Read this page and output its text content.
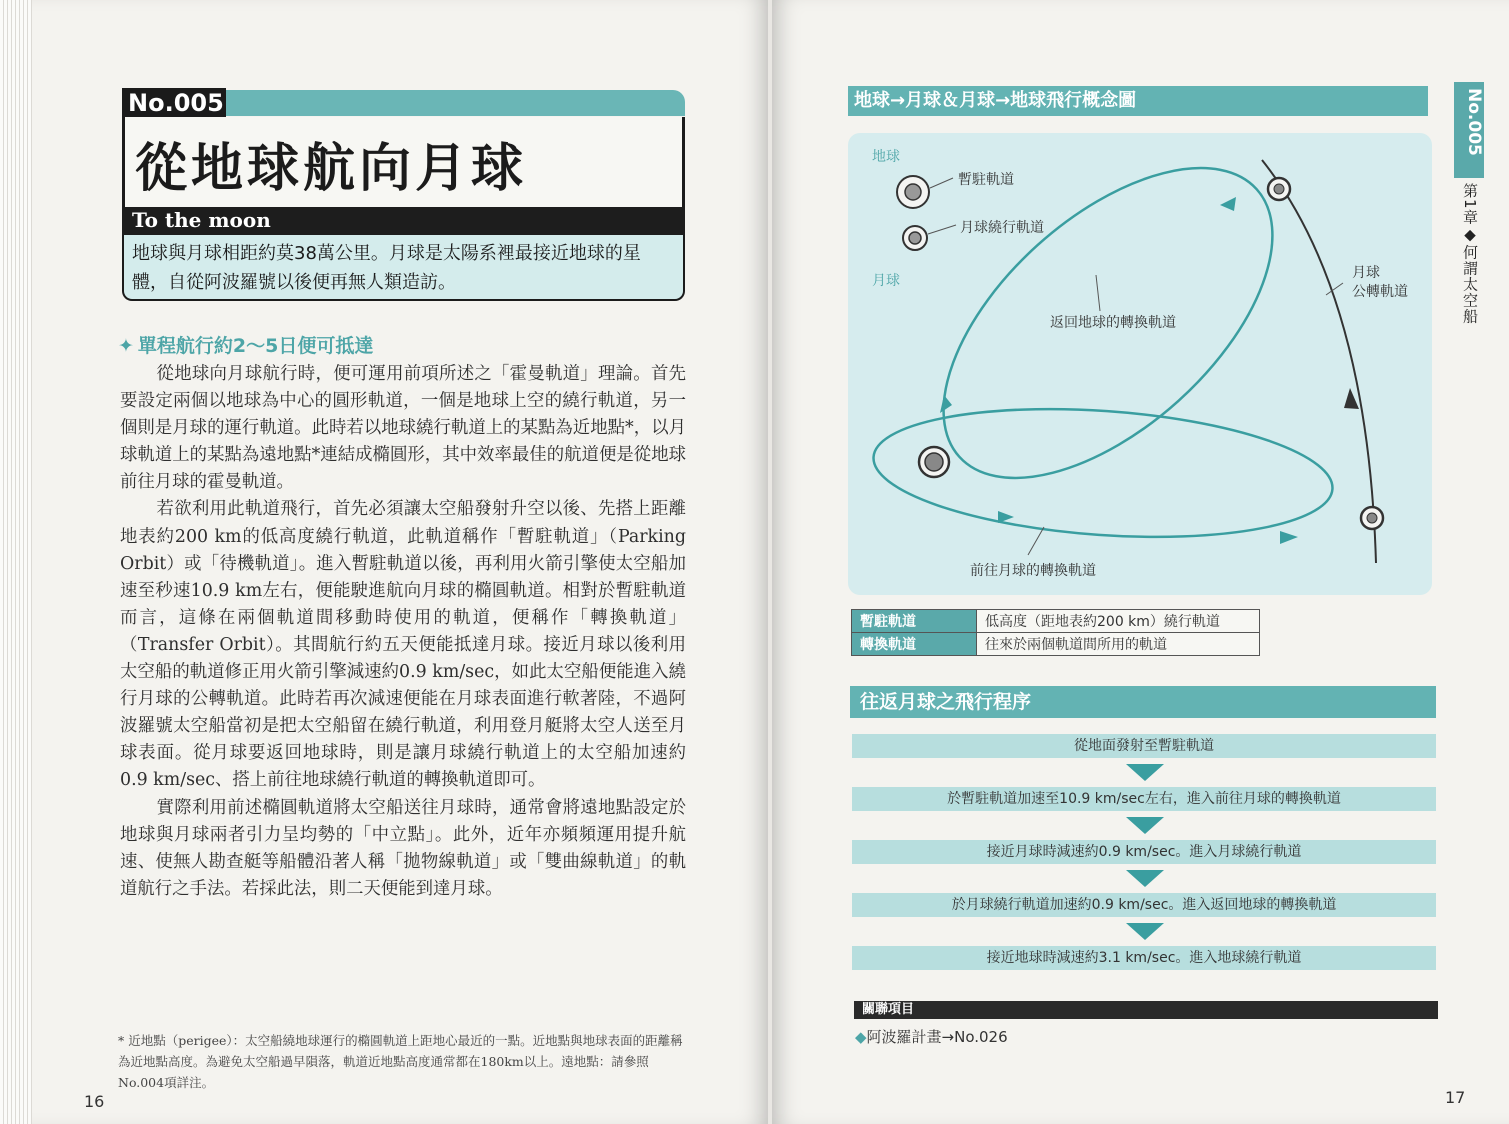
No.005
從地球航向月球
To the moon
地球與月球相距約莫38萬公里。月球是太陽系裡最接近地球的星體，自從阿波羅號以後便再無人類造訪。
✦ 單程航行約2～5日便可抵達

從地球向月球航行時，便可運用前項所述之「霍曼軌道」理論。首先要設定兩個以地球為中心的圓形軌道，一個是地球上空的繞行軌道，另一個則是月球的運行軌道。此時若以地球繞行軌道上的某點為近地點*，以月球軌道上的某點為遠地點*連結成橢圓形，其中效率最佳的航道便是從地球前往月球的霍曼軌道。

若欲利用此軌道飛行，首先必須讓太空船發射升空以後、先搭上距離地表約200 km的低高度繞行軌道，此軌道稱作「暫駐軌道」（Parking Orbit）或「待機軌道」。進入暫駐軌道以後，再利用火箭引擎使太空船加速至秒速10.9 km左右，便能駛進航向月球的橢圓軌道。相對於暫駐軌道而言，這條在兩個軌道間移動時使用的軌道，便稱作「轉換軌道」（Transfer Orbit）。其間航行約五天便能抵達月球。接近月球以後利用太空船的軌道修正用火箭引擎減速約0.9 km/sec，如此太空船便能進入繞行月球的公轉軌道。此時若再次減速便能在月球表面進行軟著陸，不過阿波羅號太空船當初是把太空船留在繞行軌道，利用登月艇將太空人送至月球表面。從月球要返回地球時，則是讓月球繞行軌道上的太空船加速約0.9 km/sec、搭上前往地球繞行軌道的轉換軌道即可。

實際利用前述橢圓軌道將太空船送往月球時，通常會將遠地點設定於地球與月球兩者引力呈均勢的「中立點」。此外，近年亦頻頻運用提升航速、使無人勘查艇等船體沿著人稱「拋物線軌道」或「雙曲線軌道」的軌道航行之手法。若採此法，則二天便能到達月球。

* 近地點（perigee）：太空船繞地球運行的橢圓軌道上距地心最近的一點。近地點與地球表面的距離稱為近地點高度。為避免太空船過早隕落，軌道近地點高度通常都在180km以上。遠地點：請參照No.004項詳注。
16
地球→月球＆月球→地球飛行概念圖
地球
暫駐軌道
月球繞行軌道
月球
返回地球的轉換軌道
月球
公轉軌道
前往月球的轉換軌道
暫駐軌道	低高度（距地表約200 km）繞行軌道
轉換軌道	往來於兩個軌道間所用的軌道
往返月球之飛行程序
從地面發射至暫駐軌道
於暫駐軌道加速至10.9 km/sec左右，進入前往月球的轉換軌道
接近月球時減速約0.9 km/sec。進入月球繞行軌道
於月球繞行軌道加速約0.9 km/sec。進入返回地球的轉換軌道
接近地球時減速約3.1 km/sec。進入地球繞行軌道
關聯項目
◆阿波羅計畫→No.026
No.005
第1章◆何謂太空船
17
